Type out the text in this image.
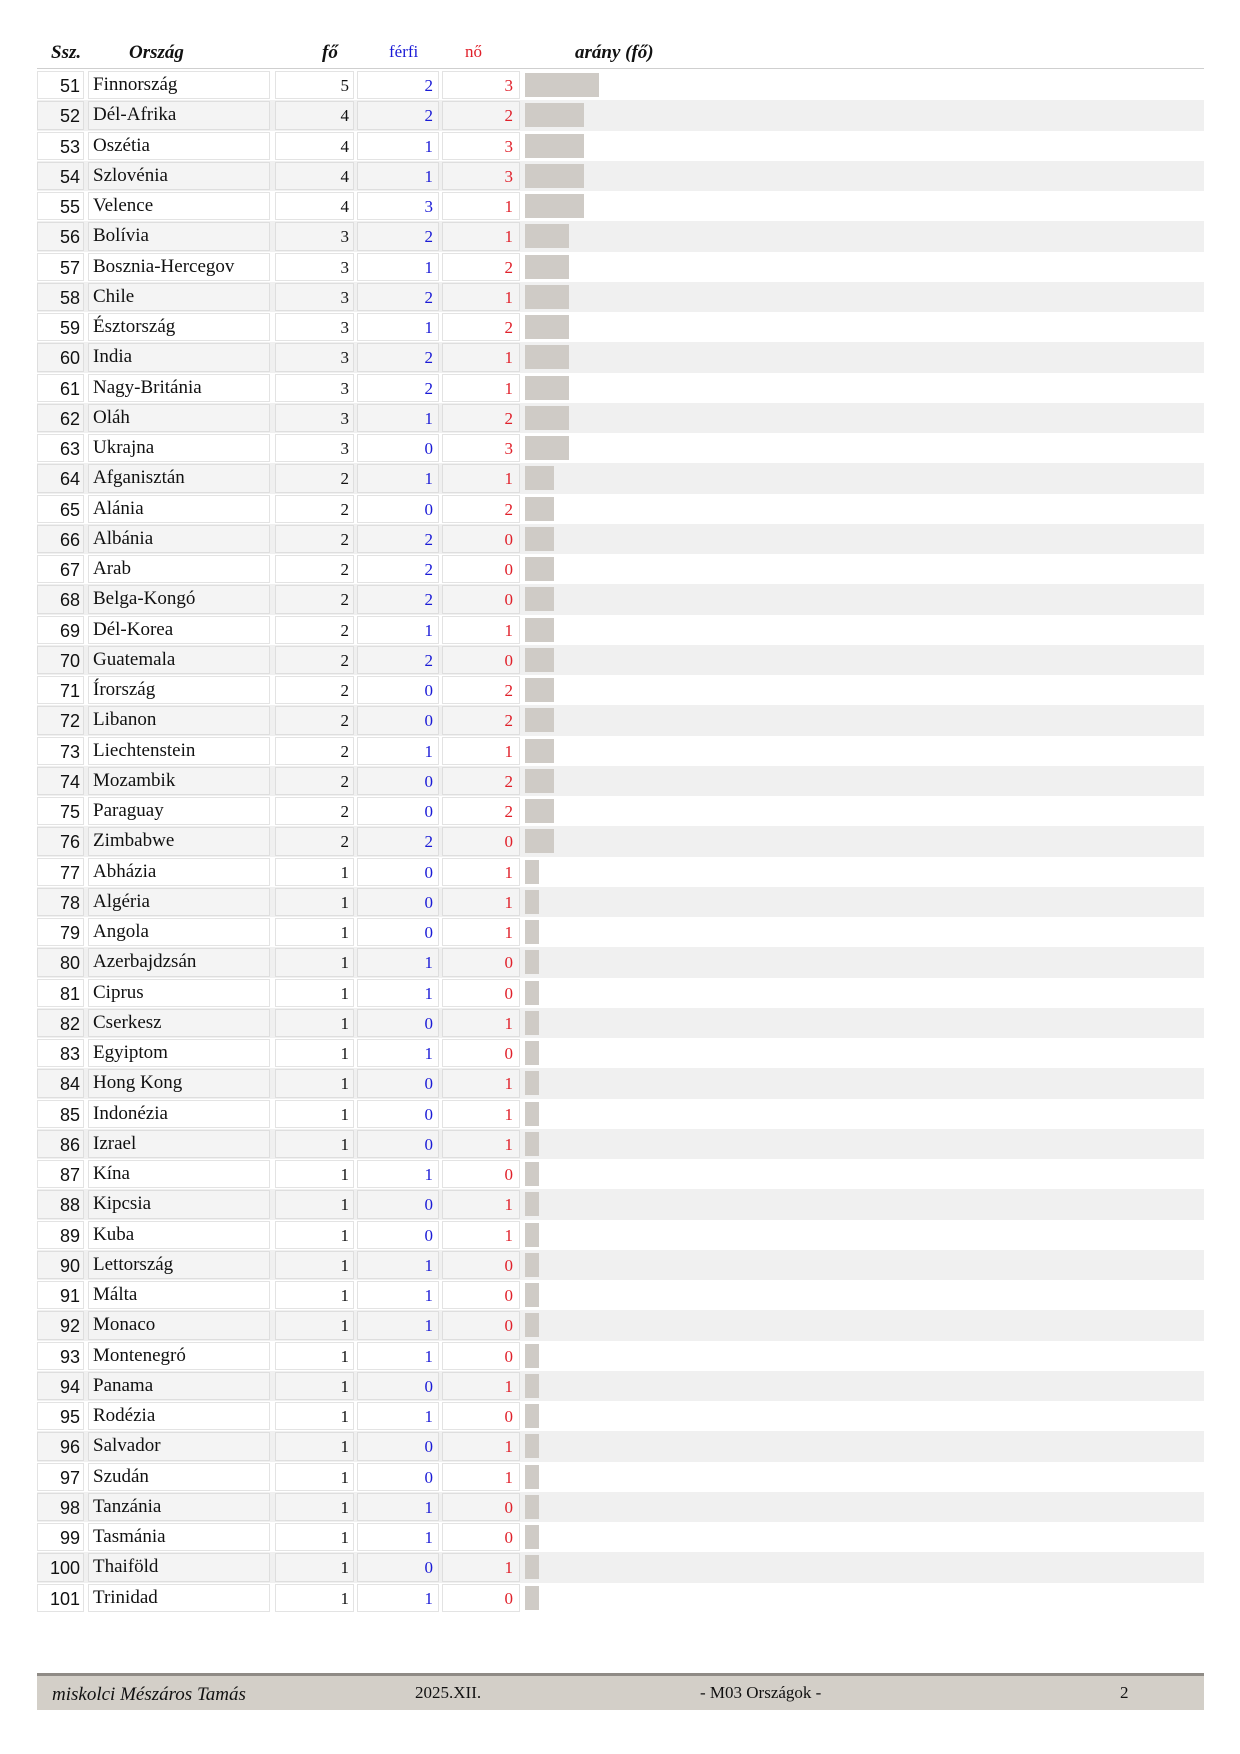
Ssz.	Ország	fő	férfi	nő	arány (fő)
51 Finnország	5	2	3
52 Dél-Afrika	4	2	2
53 Oszétia	4	1	3
54 Szlovénia	4	1	3
55 Velence	4	3	1
56 Bolívia	3	2	1
57 Bosznia-Hercegov	3	1	2
58 Chile	3	2	1
59 Észtország	3	1	2
60 India	3	2	1
61 Nagy-Británia	3	2	1
62 Oláh	3	1	2
63 Ukrajna	3	0	3
64 Afganisztán	2	1	1
65 Alánia	2	0	2
66 Albánia	2	2	0
67 Arab	2	2	0
68 Belga-Kongó	2	2	0
69 Dél-Korea	2	1	1
70 Guatemala	2	2	0
71 Írország	2	0	2
72 Libanon	2	0	2
73 Liechtenstein	2	1	1
74 Mozambik	2	0	2
75 Paraguay	2	0	2
76 Zimbabwe	2	2	0
77 Abházia	1	0	1
78 Algéria	1	0	1
79 Angola	1	0	1
80 Azerbajdzsán	1	1	0
81 Ciprus	1	1	0
82 Cserkesz	1	0	1
83 Egyiptom	1	1	0
84 Hong Kong	1	0	1
85 Indonézia	1	0	1
86 Izrael	1	0	1
87 Kína	1	1	0
88 Kipcsia	1	0	1
89 Kuba	1	0	1
90 Lettország	1	1	0
91 Málta	1	1	0
92 Monaco	1	1	0
93 Montenegró	1	1	0
94 Panama	1	0	1
95 Rodézia	1	1	0
96 Salvador	1	0	1
97 Szudán	1	0	1
98 Tanzánia	1	1	0
99 Tasmánia	1	1	0
100 Thaiföld	1	0	1
101 Trinidad	1	1	0
miskolci Mészáros Tamás	2025.XII.	- M03 Országok -	2
